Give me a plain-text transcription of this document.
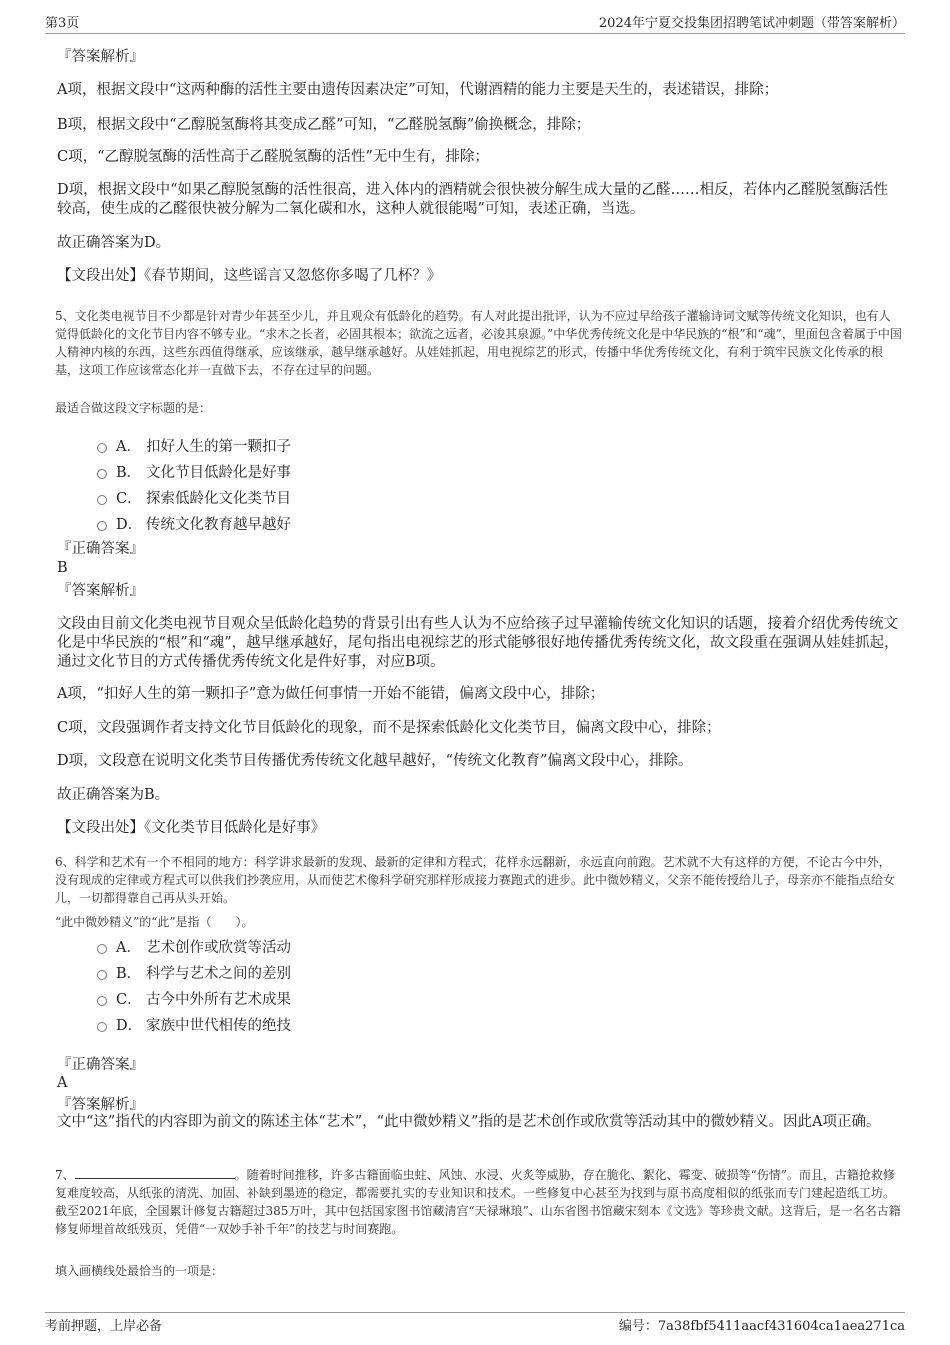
第3页	2024年宁夏交投集团招聘笔试冲刺题（带答案解析）
『答案解析』
A项，根据文段中“这两种酶的活性主要由遗传因素决定”可知，代谢酒精的能力主要是天生的，表述错误，排除；
B项，根据文段中“乙醇脱氢酶将其变成乙醛”可知，“乙醛脱氢酶”偷换概念，排除；
C项，“乙醇脱氢酶的活性高于乙醛脱氢酶的活性”无中生有，排除；
D项，根据文段中“如果乙醇脱氢酶的活性很高，进入体内的酒精就会很快被分解生成大量的乙醛……相反，若体内乙醛脱氢酶活性较高，使生成的乙醛很快被分解为二氧化碳和水，这种人就很能喝”可知，表述正确，当选。
故正确答案为D。
【文段出处】《春节期间，这些谣言又忽悠你多喝了几杯？》
5、文化类电视节目不少都是针对青少年甚至少儿，并且观众有低龄化的趋势。有人对此提出批评，认为不应过早给孩子灌输诗词文赋等传统文化知识，也有人觉得低龄化的文化节目内容不够专业。“求木之长者，必固其根本；欲流之远者，必浚其泉源。”中华优秀传统文化是中华民族的“根”和“魂”，里面包含着属于中国人精神内核的东西，这些东西值得继承，应该继承，越早继承越好。从娃娃抓起，用电视综艺的形式，传播中华优秀传统文化，有利于筑牢民族文化传承的根基，这项工作应该常态化并一直做下去，不存在过早的问题。
最适合做这段文字标题的是：
A． 扣好人生的第一颗扣子
B． 文化节目低龄化是好事
C． 探索低龄化文化类节目
D． 传统文化教育越早越好
『正确答案』
B
『答案解析』
文段由目前文化类电视节目观众呈低龄化趋势的背景引出有些人认为不应给孩子过早灌输传统文化知识的话题，接着介绍优秀传统文化是中华民族的“根”和“魂”，越早继承越好，尾句指出电视综艺的形式能够很好地传播优秀传统文化，故文段重在强调从娃娃抓起，通过文化节目的方式传播优秀传统文化是件好事，对应B项。
A项，“扣好人生的第一颗扣子”意为做任何事情一开始不能错，偏离文段中心，排除；
C项，文段强调作者支持文化节目低龄化的现象，而不是探索低龄化文化类节目，偏离文段中心，排除；
D项，文段意在说明文化类节目传播优秀传统文化越早越好，“传统文化教育”偏离文段中心，排除。
故正确答案为B。
【文段出处】《文化类节目低龄化是好事》
6、科学和艺术有一个不相同的地方：科学讲求最新的发现、最新的定律和方程式，花样永远翻新，永远直向前跑。艺术就不大有这样的方便，不论古今中外，没有现成的定律或方程式可以供我们抄袭应用，从而使艺术像科学研究那样形成接力赛跑式的进步。此中微妙精义，父亲不能传授给儿子，母亲亦不能指点给女儿，一切都得靠自己再从头开始。
“此中微妙精义”的“此”是指（　　）。
A． 艺术创作或欣赏等活动
B． 科学与艺术之间的差别
C． 古今中外所有艺术成果
D． 家族中世代相传的绝技
『正确答案』
A
『答案解析』
文中“这”指代的内容即为前文的陈述主体“艺术”，“此中微妙精义”指的是艺术创作或欣赏等活动其中的微妙精义。因此A项正确。
7、	。随着时间推移，许多古籍面临虫蛀、风蚀、水浸、火炙等威胁，存在脆化、絮化、霉变、破损等“伤情”。而且，古籍抢救修复难度较高，从纸张的清洗、加固、补缺到墨迹的稳定，都需要扎实的专业知识和技术。一些修复中心甚至为找到与原书高度相似的纸张而专门建起造纸工坊。截至2021年底，全国累计修复古籍超过385万叶，其中包括国家图书馆藏清宫“天禄琳琅”、山东省图书馆藏宋刻本《文选》等珍贵文献。这背后，是一名名古籍修复师埋首故纸残页，凭借“一双妙手补千年”的技艺与时间赛跑。
填入画横线处最恰当的一项是：
考前押题，上岸必备	编号：7a38fbf5411aacf431604ca1aea271ca
